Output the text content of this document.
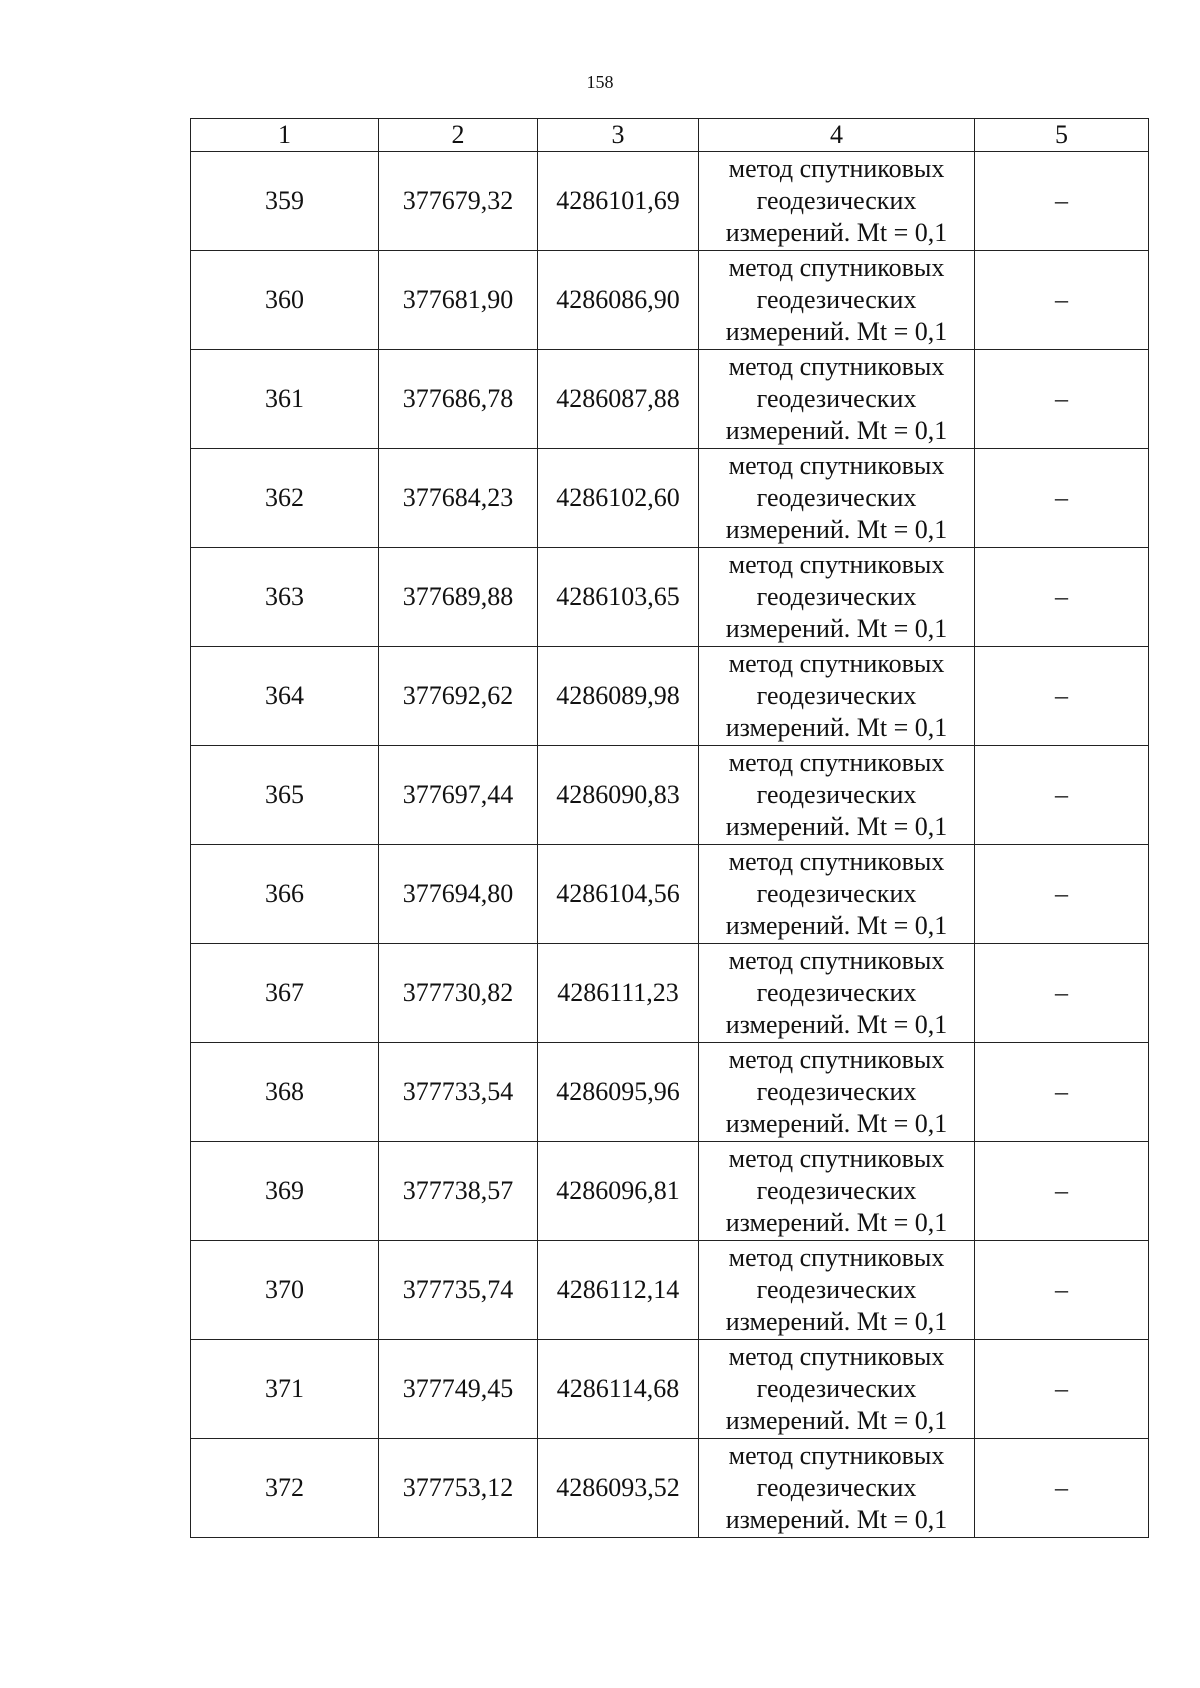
158
1	2	3	4	5
359	377679,32	4286101,69	метод спутниковых
геодезических
измерений. Mt = 0,1	–
360	377681,90	4286086,90	метод спутниковых
геодезических
измерений. Mt = 0,1	–
361	377686,78	4286087,88	метод спутниковых
геодезических
измерений. Mt = 0,1	–
362	377684,23	4286102,60	метод спутниковых
геодезических
измерений. Mt = 0,1	–
363	377689,88	4286103,65	метод спутниковых
геодезических
измерений. Mt = 0,1	–
364	377692,62	4286089,98	метод спутниковых
геодезических
измерений. Mt = 0,1	–
365	377697,44	4286090,83	метод спутниковых
геодезических
измерений. Mt = 0,1	–
366	377694,80	4286104,56	метод спутниковых
геодезических
измерений. Mt = 0,1	–
367	377730,82	4286111,23	метод спутниковых
геодезических
измерений. Mt = 0,1	–
368	377733,54	4286095,96	метод спутниковых
геодезических
измерений. Mt = 0,1	–
369	377738,57	4286096,81	метод спутниковых
геодезических
измерений. Mt = 0,1	–
370	377735,74	4286112,14	метод спутниковых
геодезических
измерений. Mt = 0,1	–
371	377749,45	4286114,68	метод спутниковых
геодезических
измерений. Mt = 0,1	–
372	377753,12	4286093,52	метод спутниковых
геодезических
измерений. Mt = 0,1	–
